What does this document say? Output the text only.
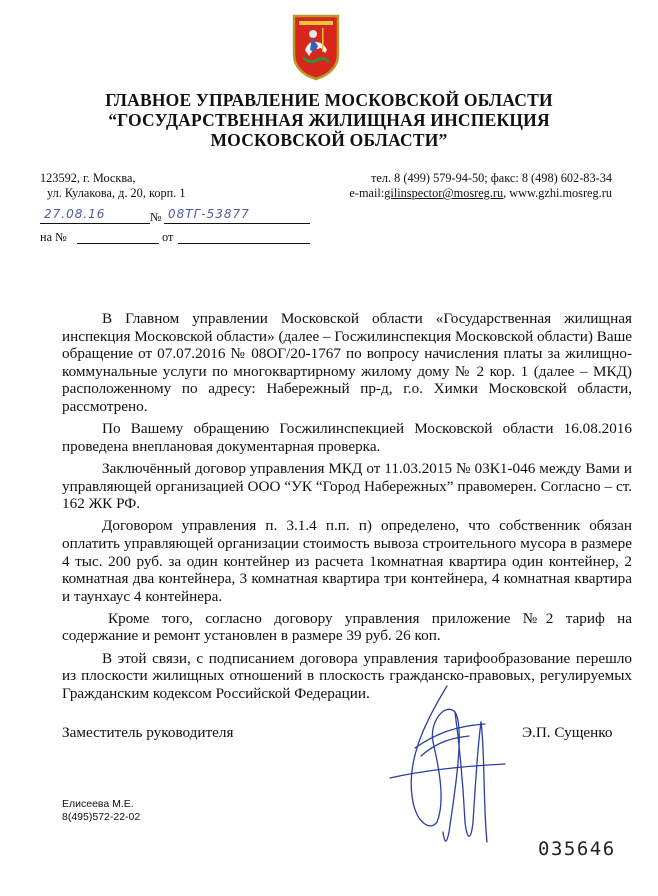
ГЛАВНОЕ УПРАВЛЕНИЕ МОСКОВСКОЙ ОБЛАСТИ
“ГОСУДАРСТВЕННАЯ ЖИЛИЩНАЯ ИНСПЕКЦИЯ
МОСКОВСКОЙ ОБЛАСТИ”
123592, г. Москва,
ул. Кулакова, д. 20, корп. 1
тел. 8 (499) 579-94-50; факс: 8 (498) 602-83-34
e-mail:gilinspector@mosreg.ru, www.gzhi.mosreg.ru
27.08.16	№ 08ТГ-53877
на №	от

В Главном управлении Московской области «Государственная жилищная инспекция Московской области» (далее – Госжилинспекция Московской области) Ваше обращение от 07.07.2016 № 08ОГ/20-1767 по вопросу начисления платы за жилищно-коммунальные услуги по многоквартирному жилому дому № 2 кор. 1 (далее – МКД) расположенному по адресу: Набережный пр-д, г.о. Химки Московской области, рассмотрено.

По Вашему обращению Госжилинспекцией Московской области 16.08.2016 проведена внеплановая документарная проверка.

Заключённый договор управления МКД от 11.03.2015 № 03К1-046 между Вами и управляющей организацией ООО “УК “Город Набережных” правомерен. Согласно – ст. 162 ЖК РФ.

Договором управления п. 3.1.4 п.п. п) определено, что собственник обязан оплатить управляющей организации стоимость вывоза строительного мусора в размере 4 тыс. 200 руб. за один контейнер из расчета 1комнатная квартира один контейнер, 2 комнатная два контейнера, 3 комнатная квартира три контейнера, 4 комнатная квартира и таунхаус 4 контейнера.

Кроме того, согласно договору управления приложение №2 тариф на содержание и ремонт установлен в размере 39 руб. 26 коп.

В этой связи, с подписанием договора управления тарифообразование перешло из плоскости жилищных отношений в плоскость гражданско-правовых, регулируемых Гражданским кодексом Российской Федерации.

Заместитель руководителя	Э.П. Сущенко
Елисеева М.Е.
8(495)572-22-02
035646
